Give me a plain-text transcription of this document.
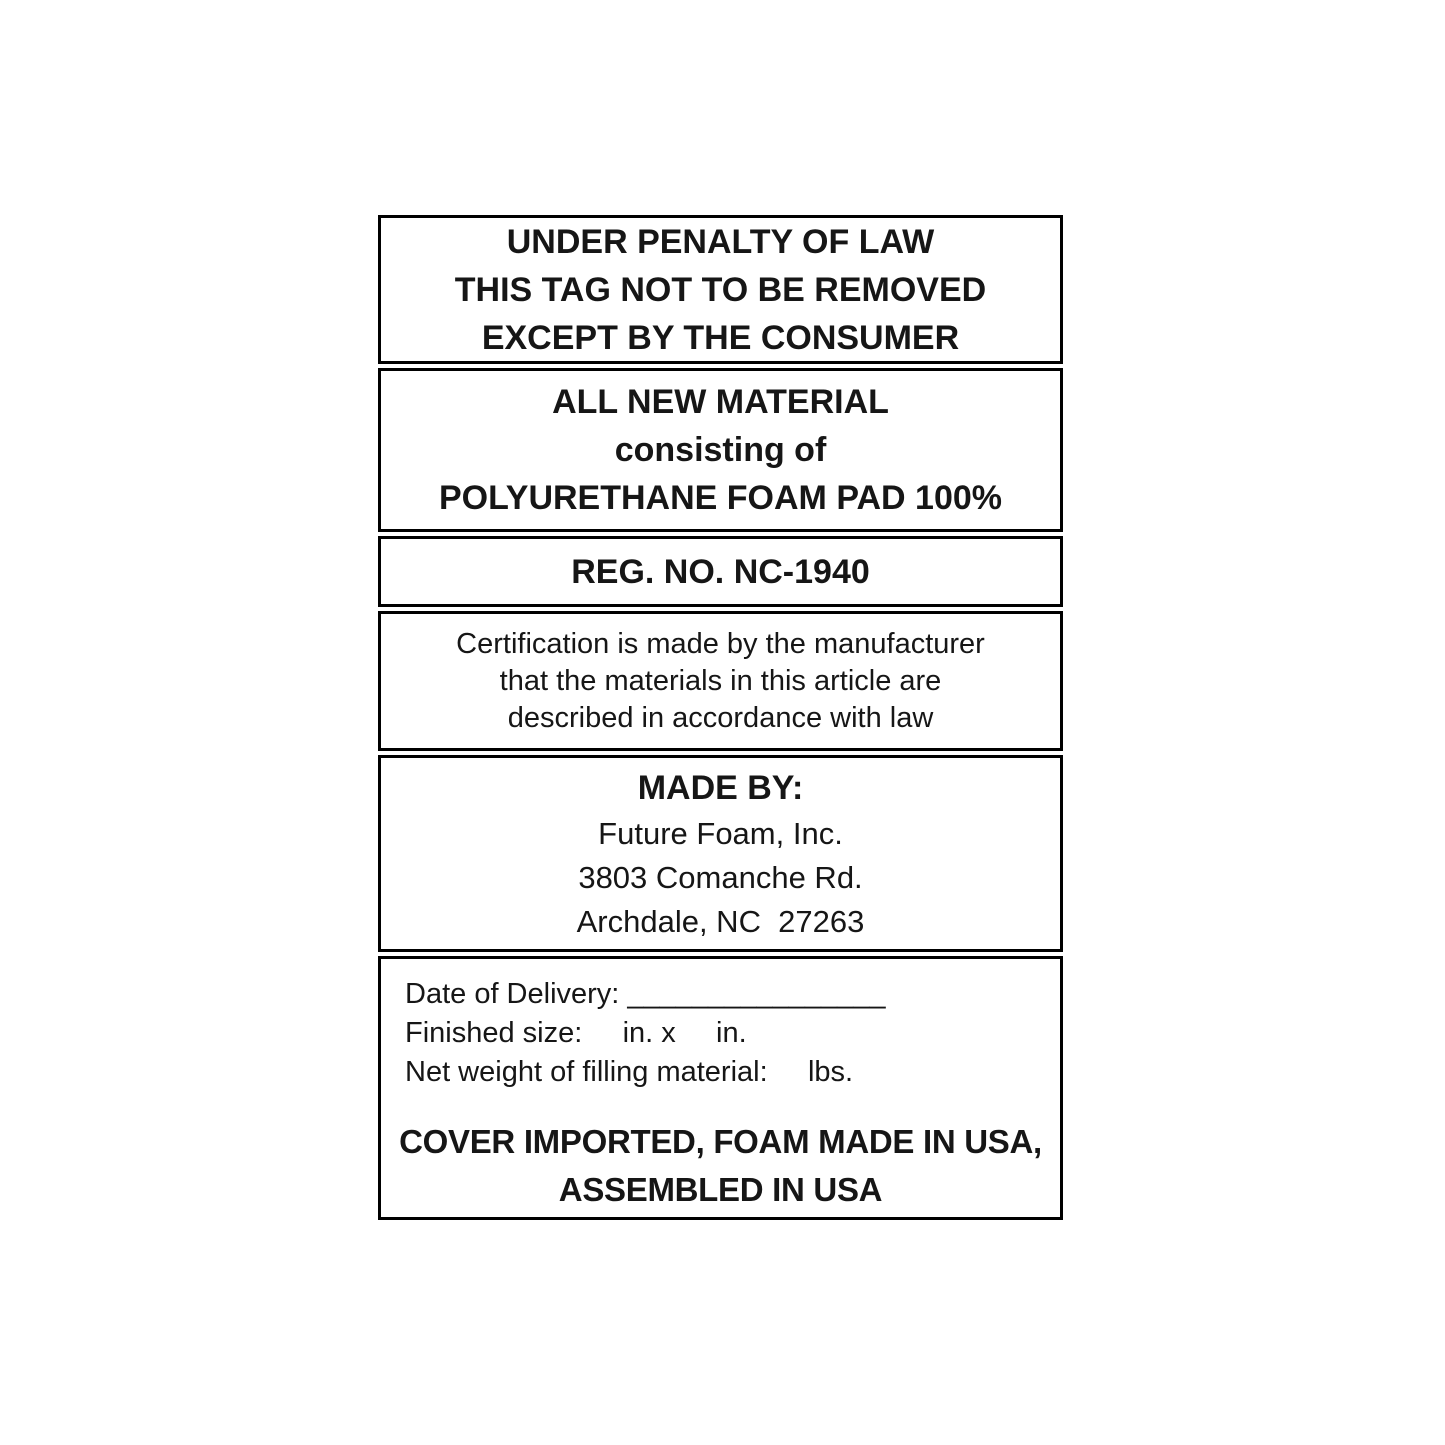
UNDER PENALTY OF LAW
THIS TAG NOT TO BE REMOVED
EXCEPT BY THE CONSUMER
ALL NEW MATERIAL
consisting of
POLYURETHANE FOAM PAD 100%
REG. NO. NC-1940
Certification is made by the manufacturer
that the materials in this article are
described in accordance with law
MADE BY:
Future Foam, Inc.
3803 Comanche Rd.
Archdale, NC  27263
Date of Delivery: ________________
Finished size:     in. x     in.
Net weight of filling material:     lbs.
COVER IMPORTED, FOAM MADE IN USA,
ASSEMBLED IN USA
